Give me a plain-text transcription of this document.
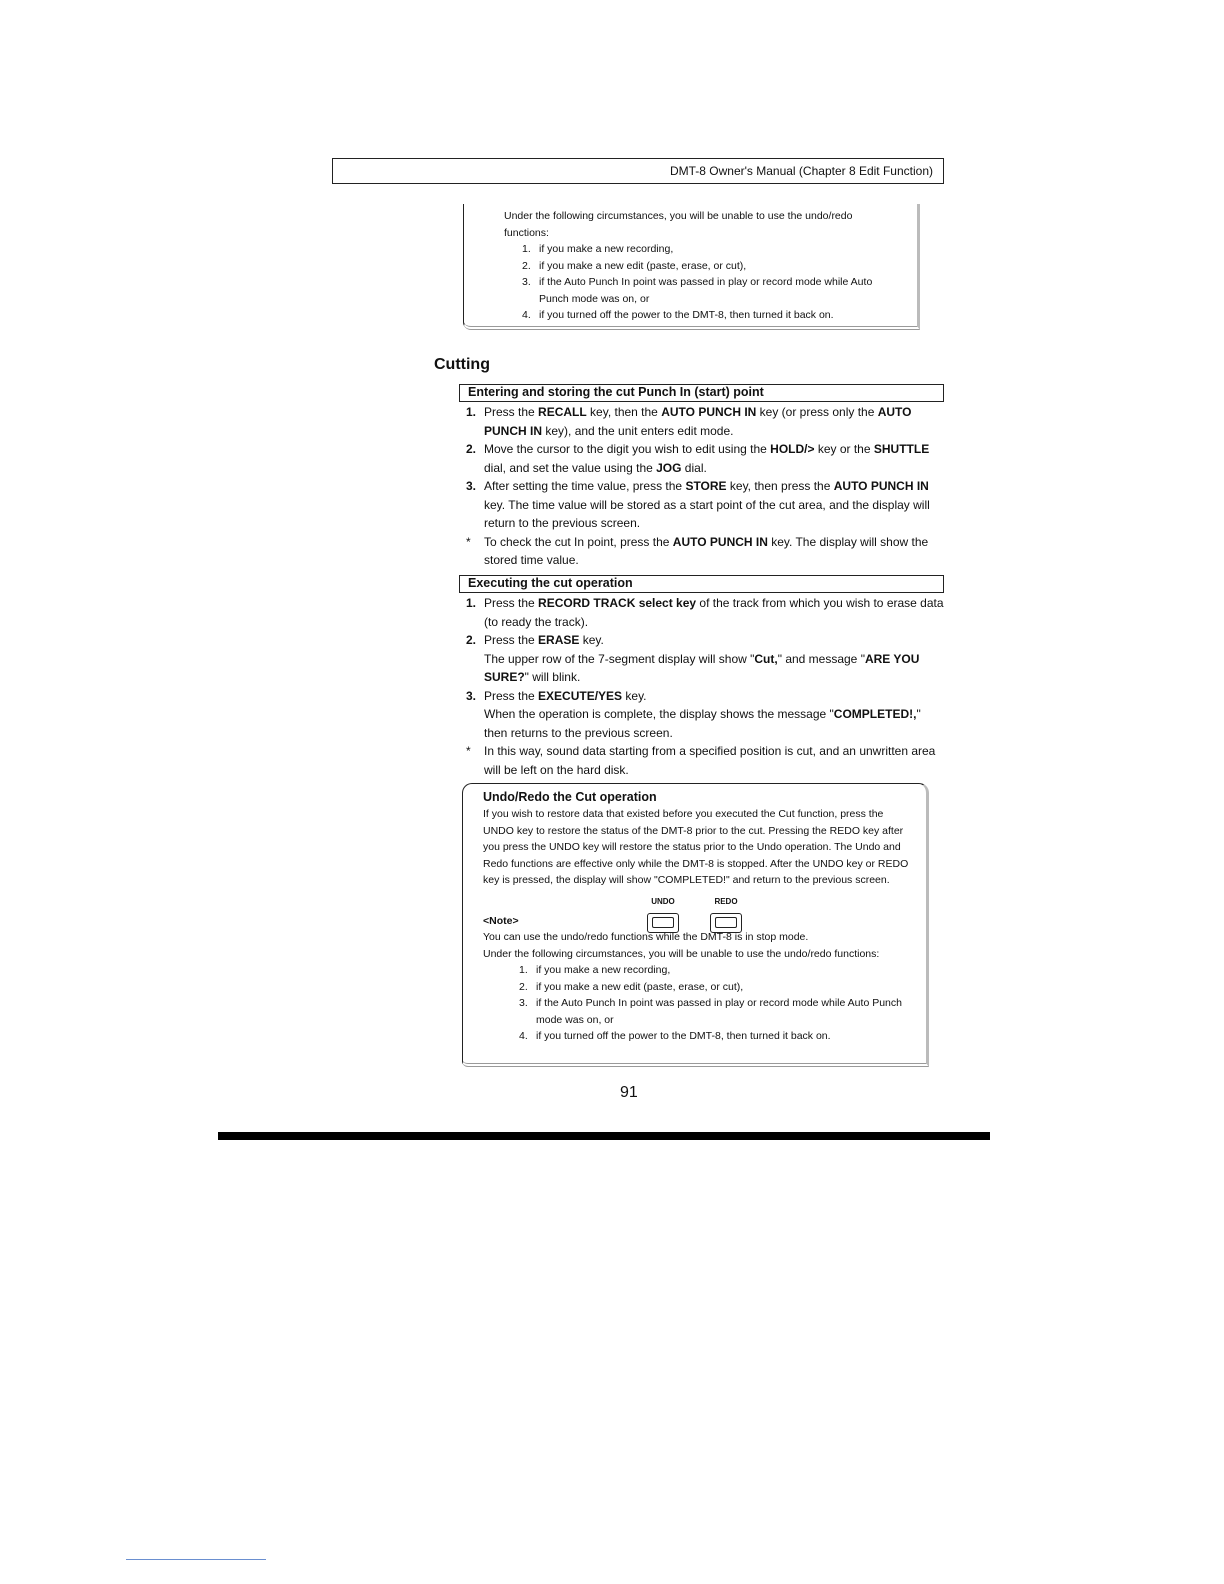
DMT-8 Owner's Manual (Chapter 8 Edit Function)
Under the following circumstances, you will be unable to use the undo/redo functions:
1. if you make a new recording,
2. if you make a new edit (paste, erase, or cut),
3. if the Auto Punch In point was passed in play or record mode while Auto Punch mode was on, or
4. if you turned off the power to the DMT-8, then turned it back on.
Cutting
Entering and storing the cut Punch In (start) point
1. Press the RECALL key, then the AUTO PUNCH IN key (or press only the AUTO PUNCH IN key), and the unit enters edit mode.
2. Move the cursor to the digit you wish to edit using the HOLD/> key or the SHUTTLE dial, and set the value using the JOG dial.
3. After setting the time value, press the STORE key, then press the AUTO PUNCH IN key. The time value will be stored as a start point of the cut area, and the display will return to the previous screen.
* To check the cut In point, press the AUTO PUNCH IN key. The display will show the stored time value.
Executing the cut operation
1. Press the RECORD TRACK select key of the track from which you wish to erase data (to ready the track).
2. Press the ERASE key.
The upper row of the 7-segment display will show "Cut," and message "ARE YOU SURE?" will blink.
3. Press the EXECUTE/YES key.
When the operation is complete, the display shows the message "COMPLETED!," then returns to the previous screen.
* In this way, sound data starting from a specified position is cut, and an unwritten area will be left on the hard disk.
Undo/Redo the Cut operation
If you wish to restore data that existed before you executed the Cut function, press the UNDO key to restore the status of the DMT-8 prior to the cut. Pressing the REDO key after you press the UNDO key will restore the status prior to the Undo operation. The Undo and Redo functions are effective only while the DMT-8 is stopped. After the UNDO key or REDO key is pressed, the display will show "COMPLETED!" and return to the previous screen.
UNDO	REDO
<Note>
You can use the undo/redo functions while the DMT-8 is in stop mode.
Under the following circumstances, you will be unable to use the undo/redo functions:
1. if you make a new recording,
2. if you make a new edit (paste, erase, or cut),
3. if the Auto Punch In point was passed in play or record mode while Auto Punch mode was on, or
4. if you turned off the power to the DMT-8, then turned it back on.
91
